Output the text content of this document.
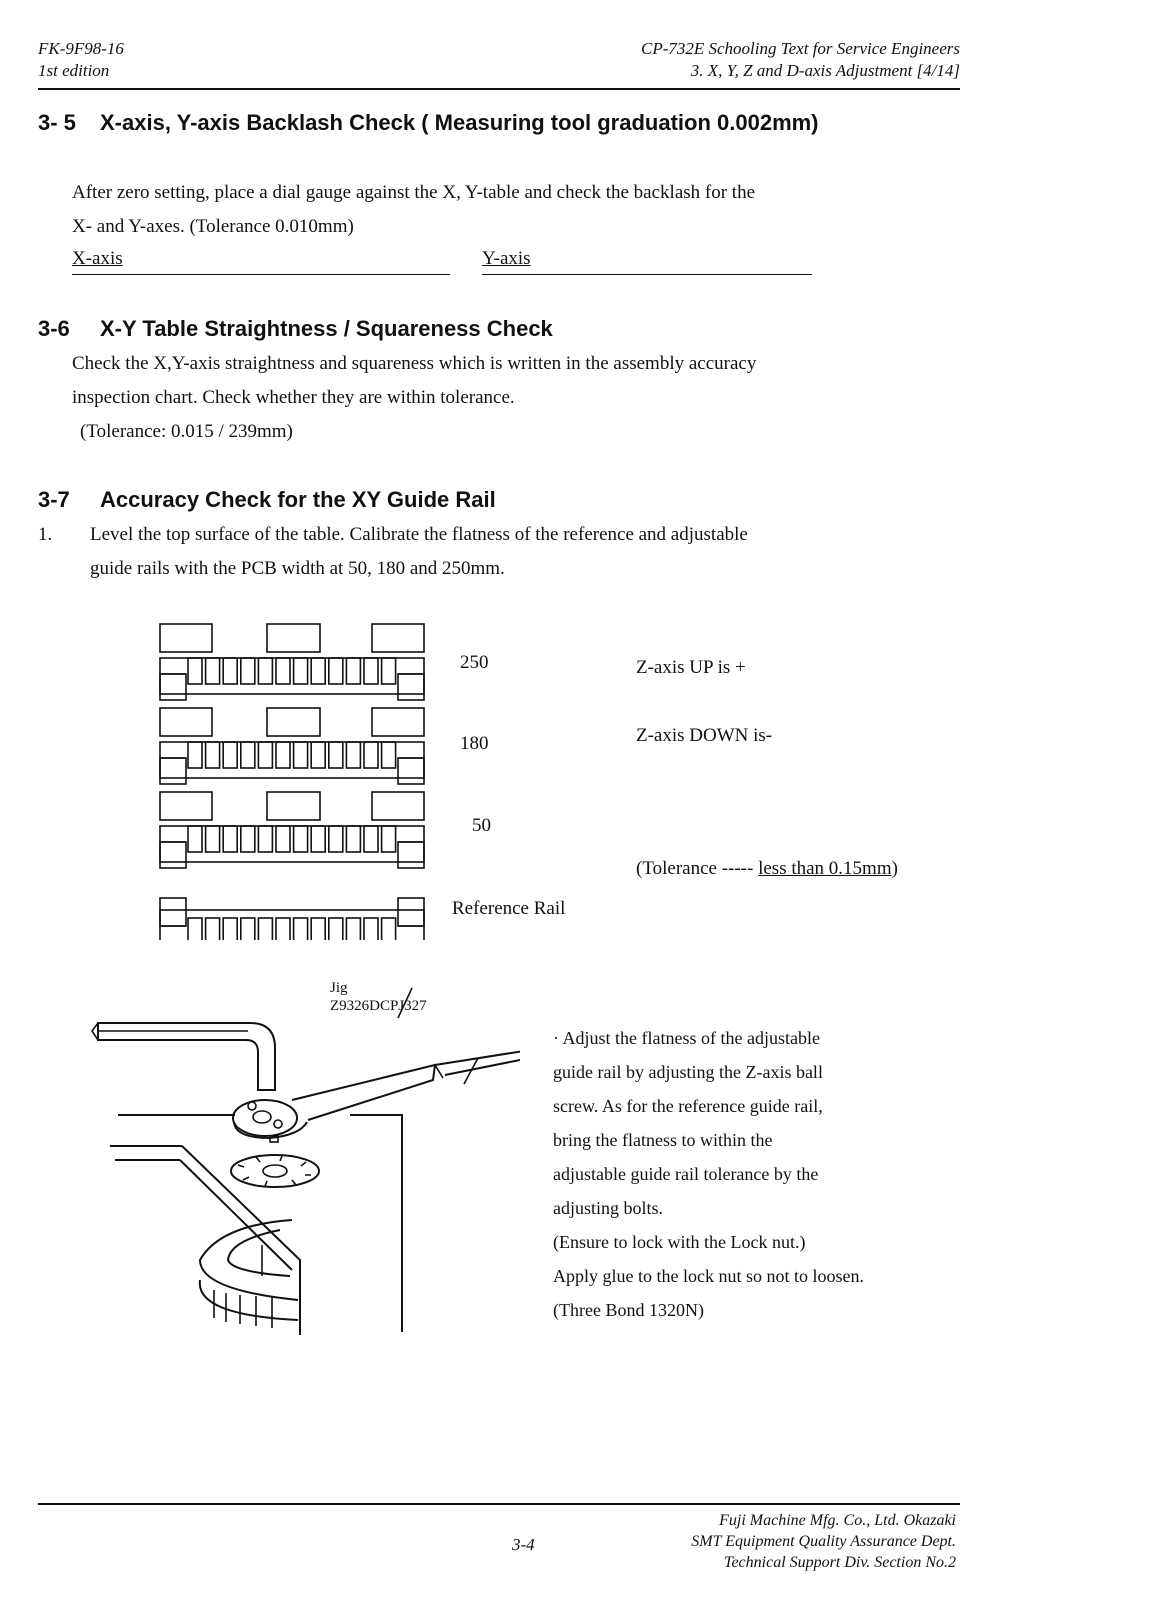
FK-9F98-16
1st edition
CP-732E Schooling Text for Service Engineers
3. X, Y, Z and D-axis Adjustment [4/14]
3- 5 X-axis, Y-axis Backlash Check ( Measuring tool graduation 0.002mm)
After zero setting, place a dial gauge against the X, Y-table and check the backlash for the
X- and Y-axes. (Tolerance 0.010mm)
X-axis	Y-axis
3-6 X-Y Table Straightness / Squareness Check
Check the X,Y-axis straightness and squareness which is written in the assembly accuracy
inspection chart. Check whether they are within tolerance.
(Tolerance: 0.015 / 239mm)
3-7 Accuracy Check for the XY Guide Rail
1. Level the top surface of the table. Calibrate the flatness of the reference and adjustable
guide rails with the PCB width at 50, 180 and 250mm.
250
180
50
Reference Rail
Z-axis UP is +
Z-axis DOWN is-
(Tolerance ----- less than 0.15mm)
Jig
Z9326DCPJ327
· Adjust the flatness of the adjustable
guide rail by adjusting the Z-axis ball
screw. As for the reference guide rail,
bring the flatness to within the
adjustable guide rail tolerance by the
adjusting bolts.
(Ensure to lock with the Lock nut.)
Apply glue to the lock nut so not to loosen.
(Three Bond 1320N)
3-4
Fuji Machine Mfg. Co., Ltd. Okazaki
SMT Equipment Quality Assurance Dept.
Technical Support Div. Section No.2
